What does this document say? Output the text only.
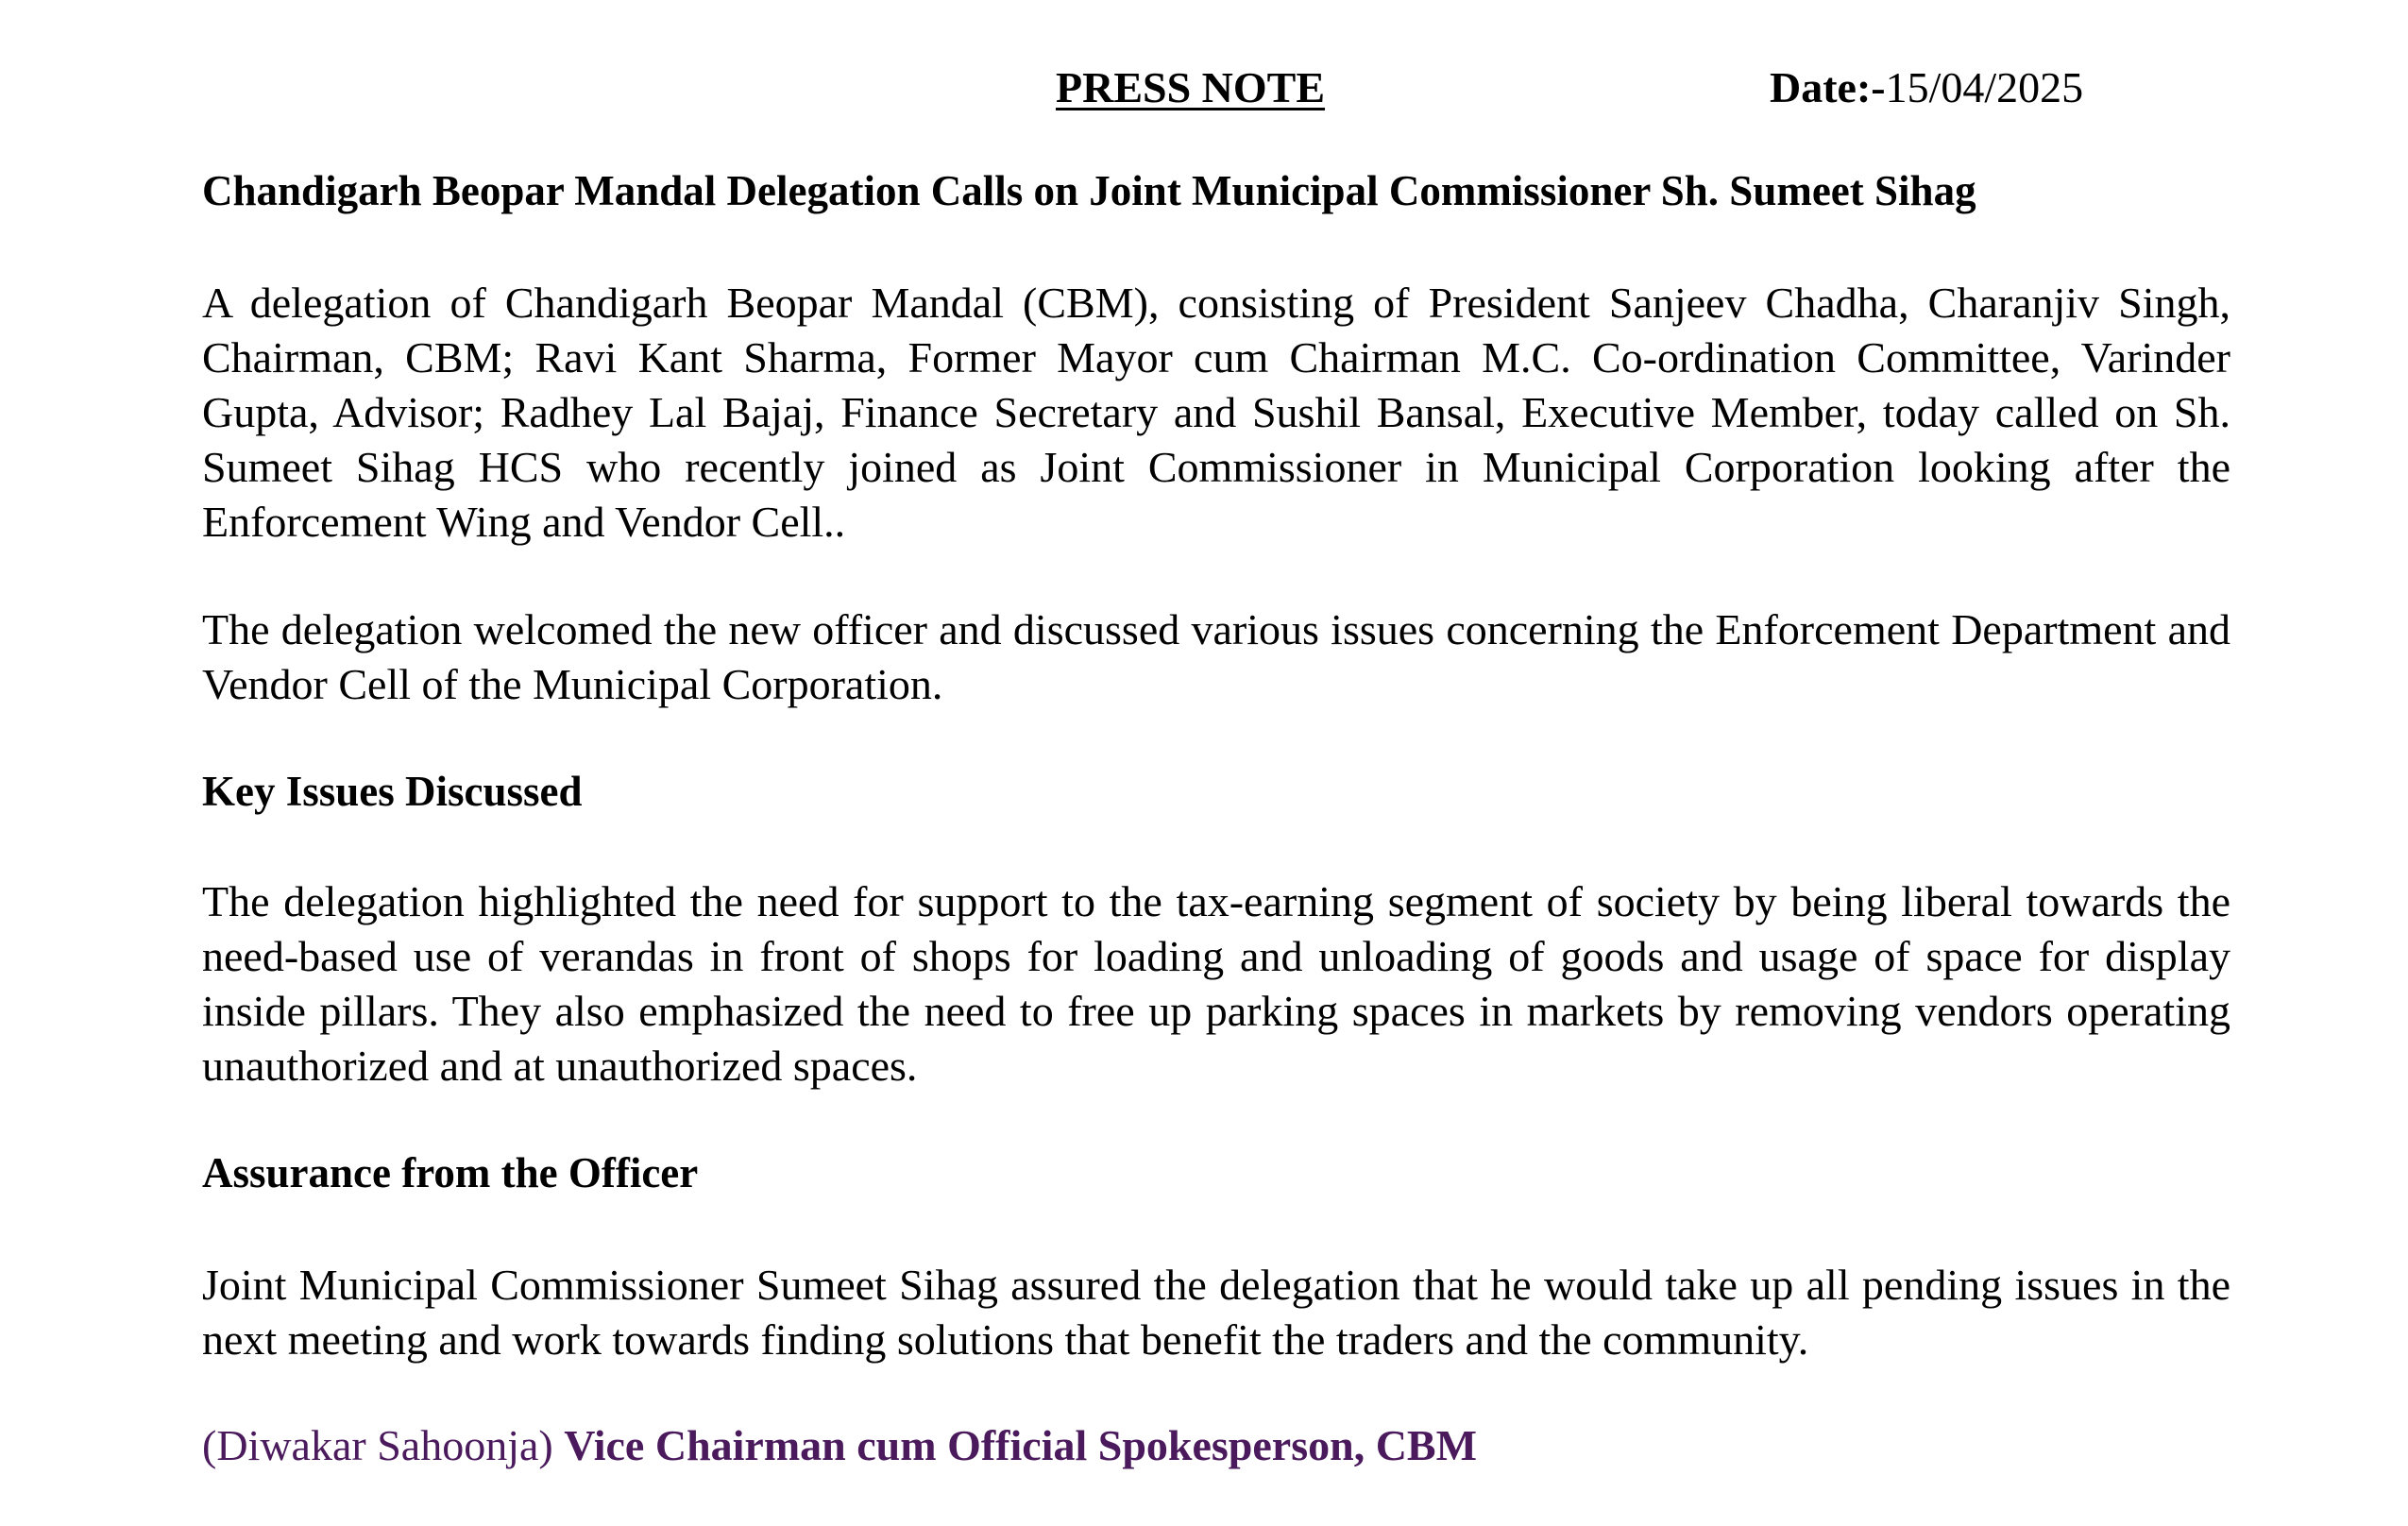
PRESS NOTE	Date:-15/04/2025
Chandigarh Beopar Mandal Delegation Calls on Joint Municipal Commissioner Sh. Sumeet Sihag

A delegation of Chandigarh Beopar Mandal (CBM), consisting of President Sanjeev Chadha, Charanjiv Singh, Chairman, CBM; Ravi Kant Sharma, Former Mayor cum Chairman M.C. Co-ordination Committee, Varinder Gupta, Advisor; Radhey Lal Bajaj, Finance Secretary and Sushil Bansal, Executive Member, today called on Sh. Sumeet Sihag HCS who recently joined as Joint Commissioner in Municipal Corporation looking after the Enforcement Wing and Vendor Cell..

The delegation welcomed the new officer and discussed various issues concerning the Enforcement Department and Vendor Cell of the Municipal Corporation.

Key Issues Discussed

The delegation highlighted the need for support to the tax-earning segment of society by being liberal towards the need-based use of verandas in front of shops for loading and unloading of goods and usage of space for display inside pillars. They also emphasized the need to free up parking spaces in markets by removing vendors operating unauthorized and at unauthorized spaces.

Assurance from the Officer

Joint Municipal Commissioner Sumeet Sihag assured the delegation that he would take up all pending issues in the next meeting and work towards finding solutions that benefit the traders and the community.

(Diwakar Sahoonja) Vice Chairman cum Official Spokesperson, CBM
